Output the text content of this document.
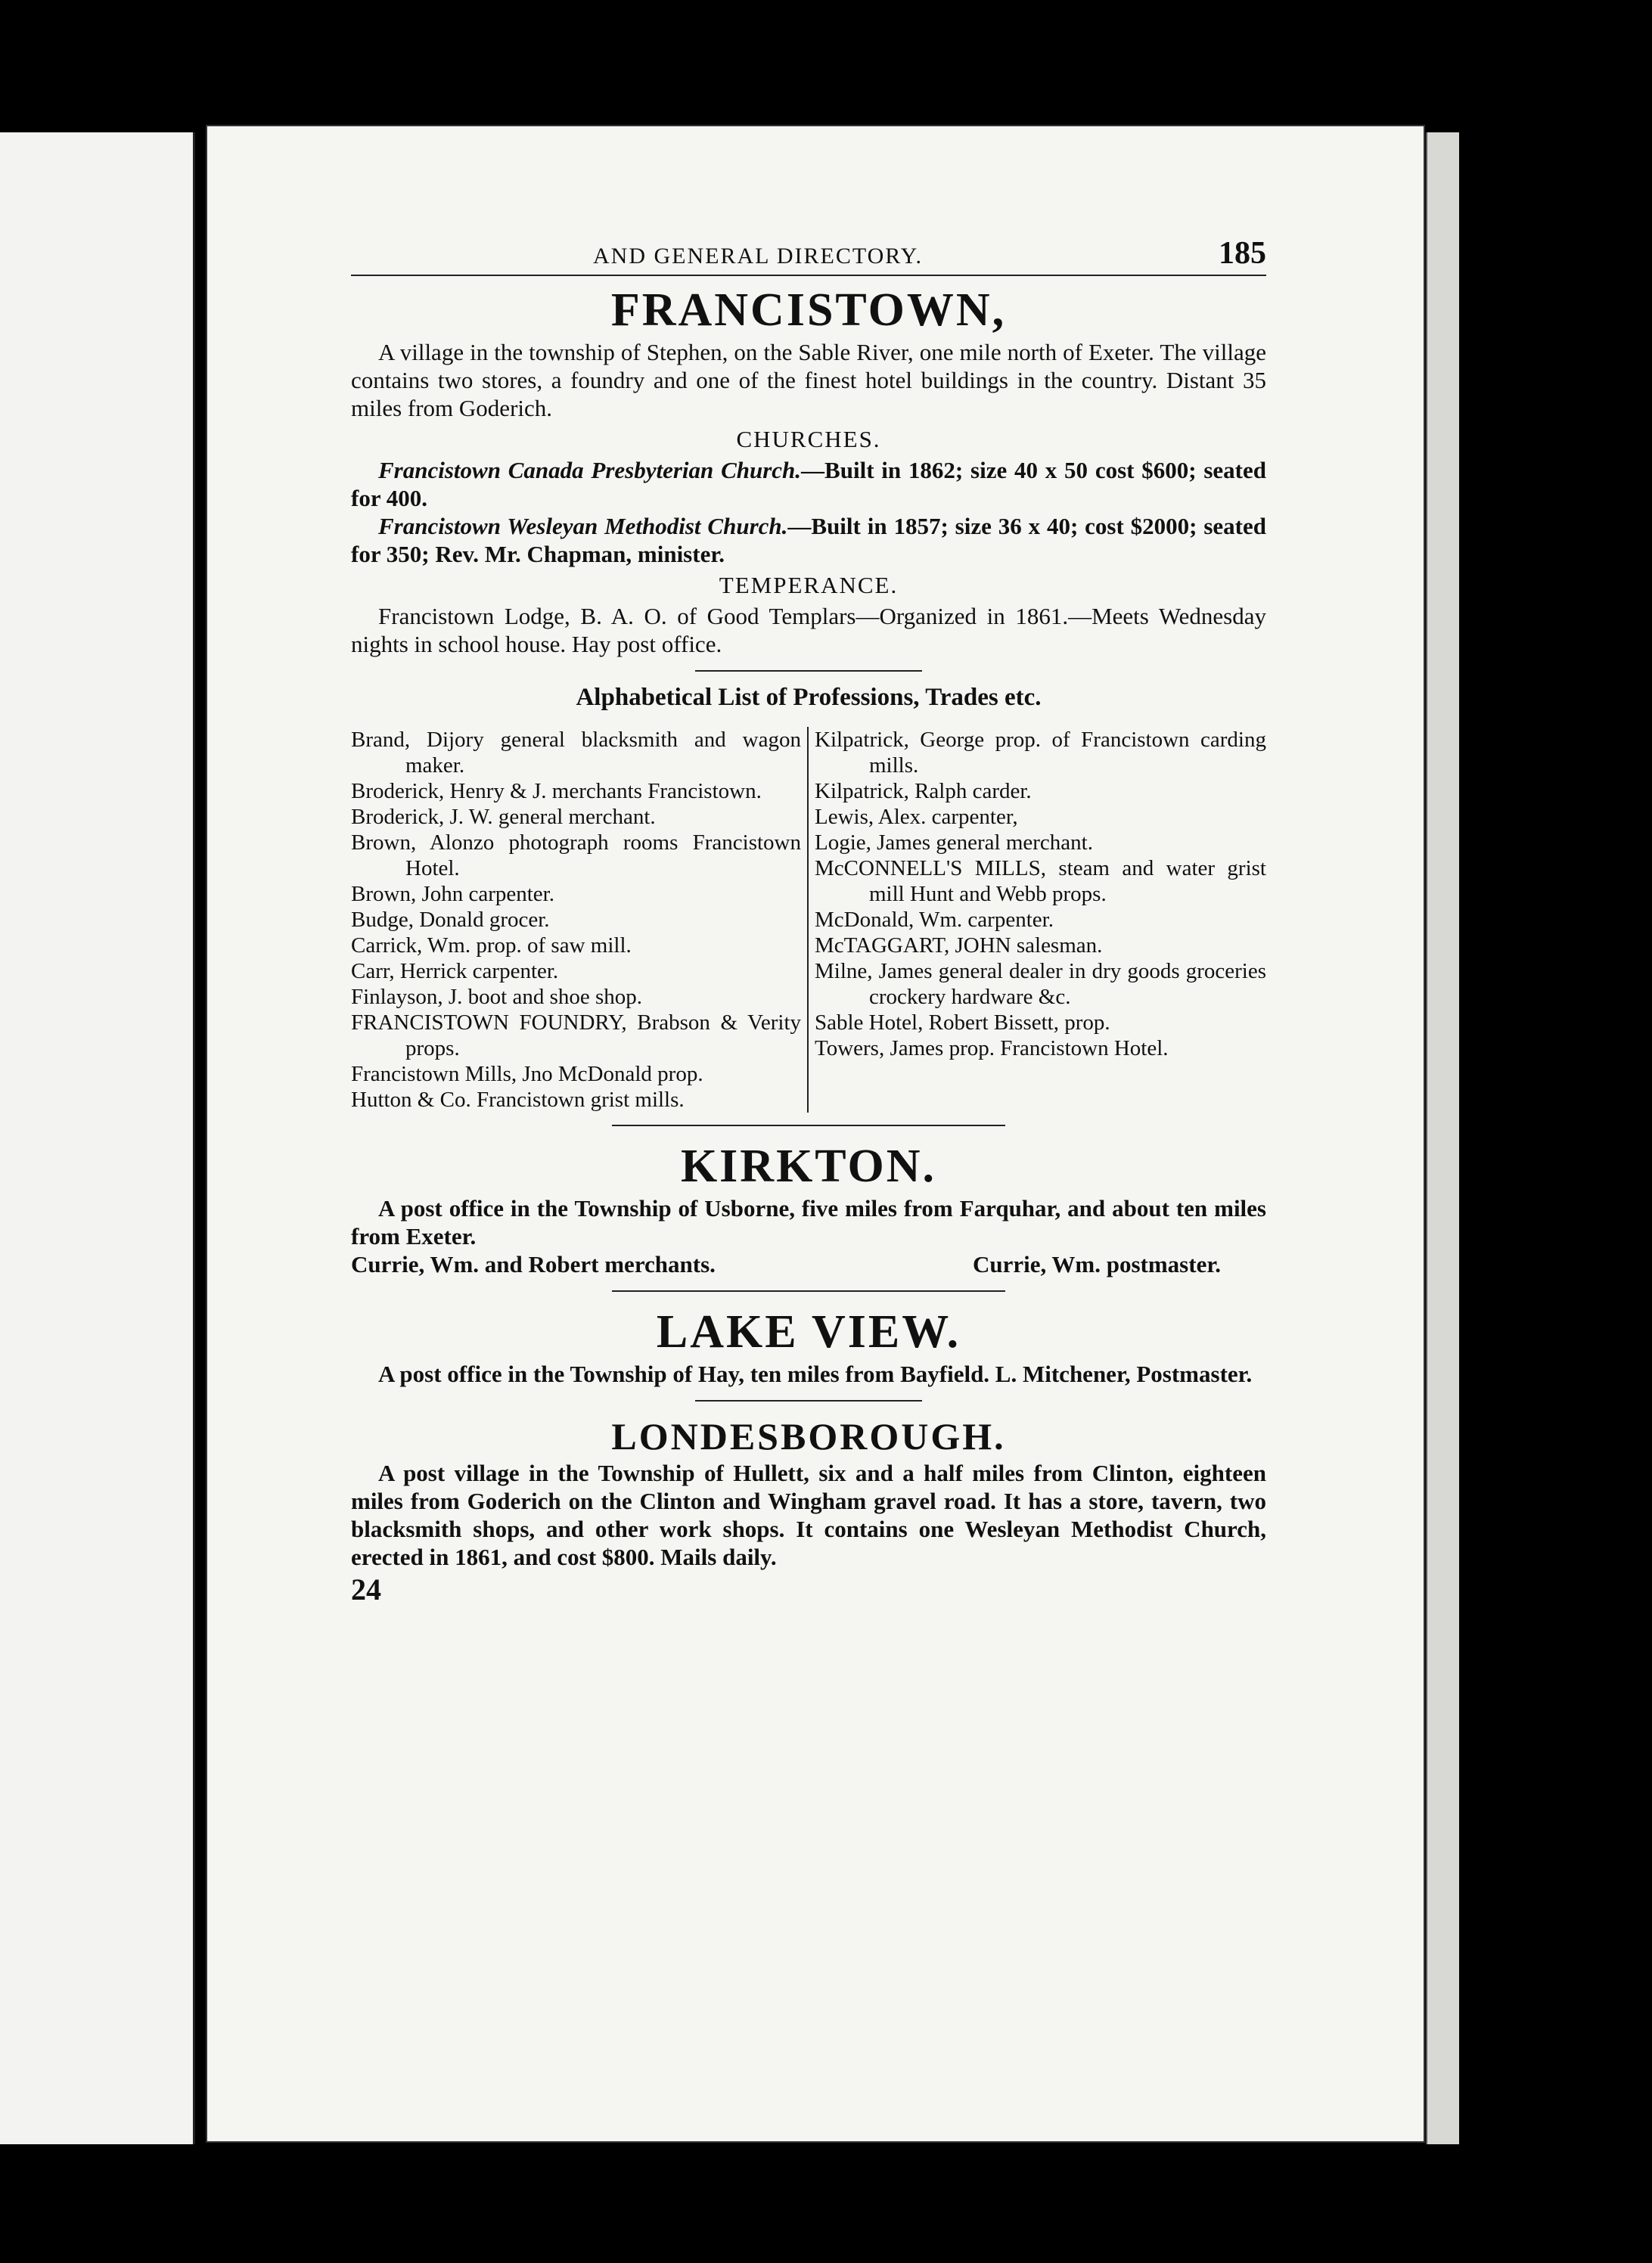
AND GENERAL DIRECTORY.	185
FRANCISTOWN,

A village in the township of Stephen, on the Sable River, one mile north of Exeter. The village contains two stores, a foundry and one of the finest hotel buildings in the country. Distant 35 miles from Goderich.

CHURCHES.

Francistown Canada Presbyterian Church.—Built in 1862; size 40 x 50 cost $600; seated for 400.

Francistown Wesleyan Methodist Church.—Built in 1857; size 36 x 40; cost $2000; seated for 350; Rev. Mr. Chapman, minister.

TEMPERANCE.

Francistown Lodge, B. A. O. of Good Templars—Organized in 1861.—Meets Wednesday nights in school house. Hay post office.

Alphabetical List of Professions, Trades etc.

Brand, Dijory general blacksmith and wagon maker.

Broderick, Henry & J. merchants Francistown.

Broderick, J. W. general merchant.

Brown, Alonzo photograph rooms Francistown Hotel.

Brown, John carpenter.

Budge, Donald grocer.

Carrick, Wm. prop. of saw mill.

Carr, Herrick carpenter.

Finlayson, J. boot and shoe shop.

FRANCISTOWN FOUNDRY, Brabson & Verity props.

Francistown Mills, Jno McDonald prop.

Hutton & Co. Francistown grist mills.

Kilpatrick, George prop. of Francistown carding mills.

Kilpatrick, Ralph carder.

Lewis, Alex. carpenter,

Logie, James general merchant.

McCONNELL'S MILLS, steam and water grist mill Hunt and Webb props.

McDonald, Wm. carpenter.

McTAGGART, JOHN salesman.

Milne, James general dealer in dry goods groceries crockery hardware &c.

Sable Hotel, Robert Bissett, prop.

Towers, James prop. Francistown Hotel.

KIRKTON.

A post office in the Township of Usborne, five miles from Farquhar, and about ten miles from Exeter.

Currie, Wm. and Robert merchants.	Currie, Wm. postmaster.
LAKE VIEW.

A post office in the Township of Hay, ten miles from Bayfield. L. Mitchener, Postmaster.

LONDESBOROUGH.

A post village in the Township of Hullett, six and a half miles from Clinton, eighteen miles from Goderich on the Clinton and Wingham gravel road. It has a store, tavern, two blacksmith shops, and other work shops. It contains one Wesleyan Methodist Church, erected in 1861, and cost $800. Mails daily.

24
